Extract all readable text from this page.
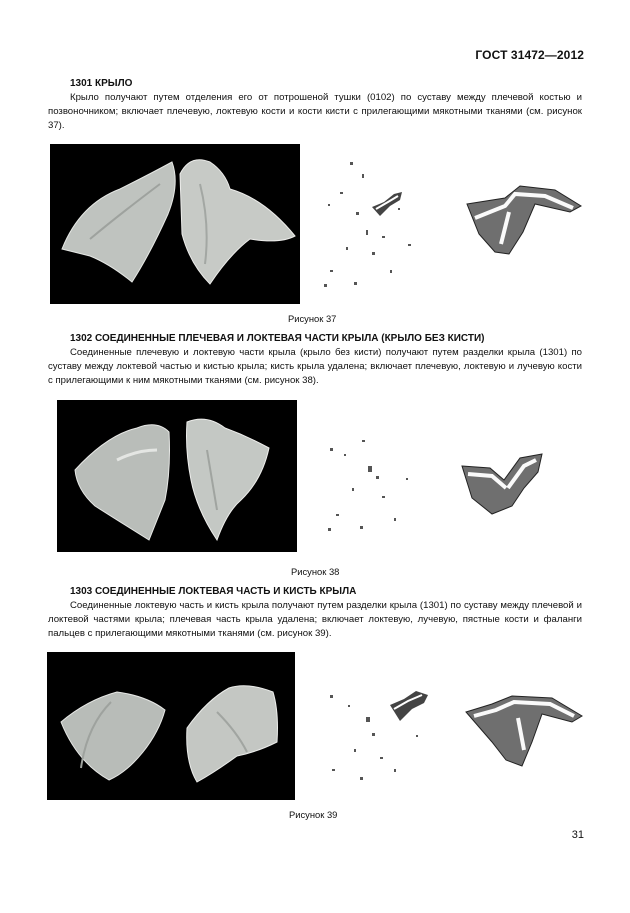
ГОСТ 31472—2012
1301 КРЫЛО

Крыло получают путем отделения его от потрошеной тушки (0102) по суставу между плечевой костью и позвоночником; включает плечевую, локтевую кости и кости кисти с прилегающими мякотными тканями (см. рисунок 37).

Рисунок 37
1302 СОЕДИНЕННЫЕ ПЛЕЧЕВАЯ И ЛОКТЕВАЯ ЧАСТИ КРЫЛА (КРЫЛО БЕЗ КИСТИ)

Соединенные плечевую и локтевую части крыла (крыло без кисти) получают путем разделки крыла (1301) по суставу между локтевой частью и кистью крыла; кисть крыла удалена; включает плечевую, локтевую и лучевую кости с прилегающими к ним мякотными тканями (см. рисунок 38).

Рисунок 38
1303 СОЕДИНЕННЫЕ ЛОКТЕВАЯ ЧАСТЬ И КИСТЬ КРЫЛА

Соединенные локтевую часть и кисть крыла получают путем разделки крыла (1301) по суставу между плечевой и локтевой частями крыла; плечевая часть крыла удалена; включает локтевую, лучевую, пястные кости и фаланги пальцев с прилегающими мякотными тканями (см. рисунок 39).

Рисунок 39
31
